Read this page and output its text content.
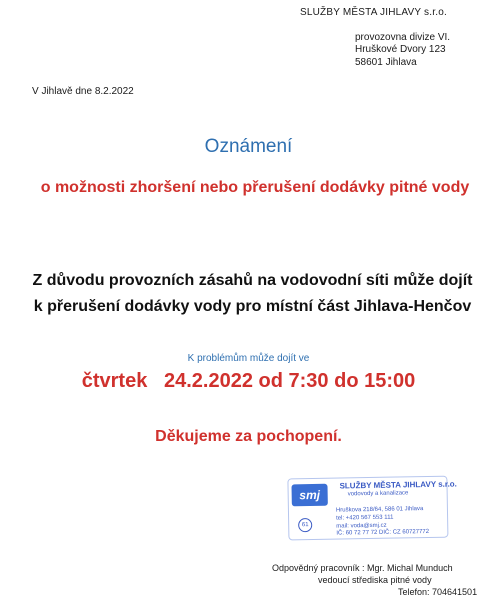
SLUŽBY MĚSTA JIHLAVY s.r.o.
provozovna divize VI.
Hruškové Dvory 123
58601 Jihlava
V Jihlavě dne 8.2.2022
Oznámení
o možnosti zhoršení nebo přerušení dodávky pitné vody
Z důvodu provozních zásahů na vodovodní síti může dojít k přerušení dodávky vody pro místní část Jihlava-Henčov
K problémům může dojít ve
čtvrtek   24.2.2022 od 7:30 do 15:00
Děkujeme za pochopení.
smj
SLUŽBY MĚSTA JIHLAVY s.r.o.
vodovody a kanalizace
Hruškova 218/64, 586 01 Jihlava
tel: +420 567 553 111
mail: voda@smj.cz
IČ: 60 72 77 72 DIČ: CZ 60727772
61
Odpovědný pracovník : Mgr. Michal Munduch
vedoucí střediska pitné vody
Telefon: 704641501
